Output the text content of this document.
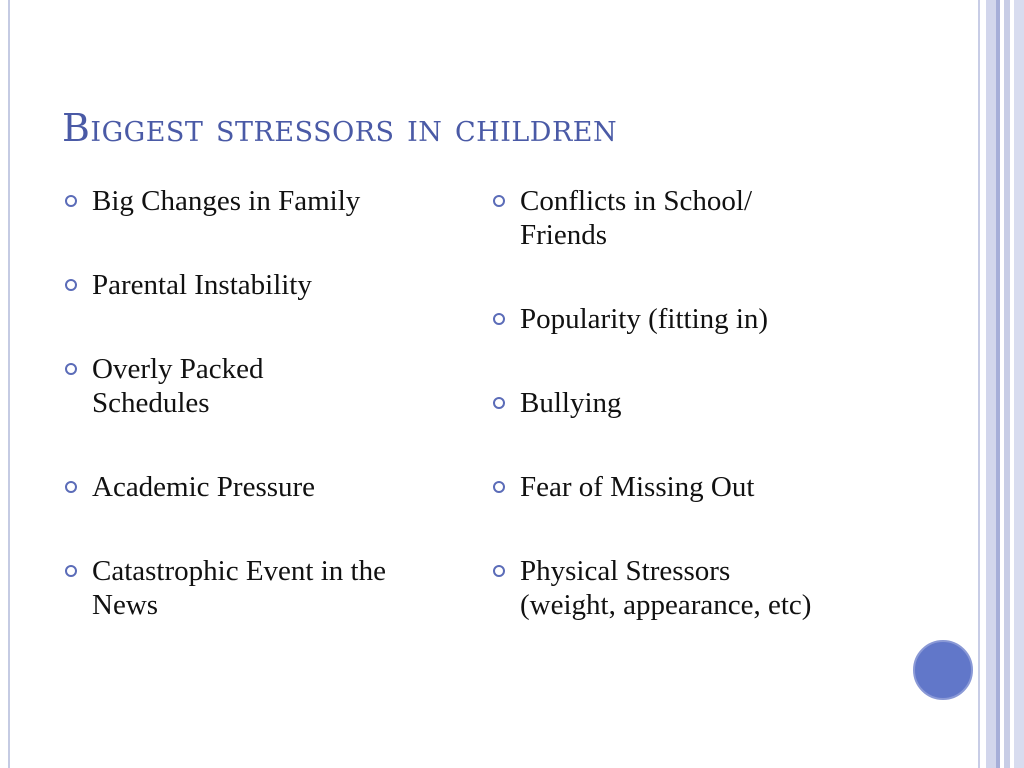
Biggest stressors in children
Big Changes in Family
Parental Instability
Overly Packed Schedules
Academic Pressure
Catastrophic Event in the News
Conflicts in School/ Friends
Popularity (fitting in)
Bullying
Fear of Missing Out
Physical Stressors (weight, appearance, etc)
